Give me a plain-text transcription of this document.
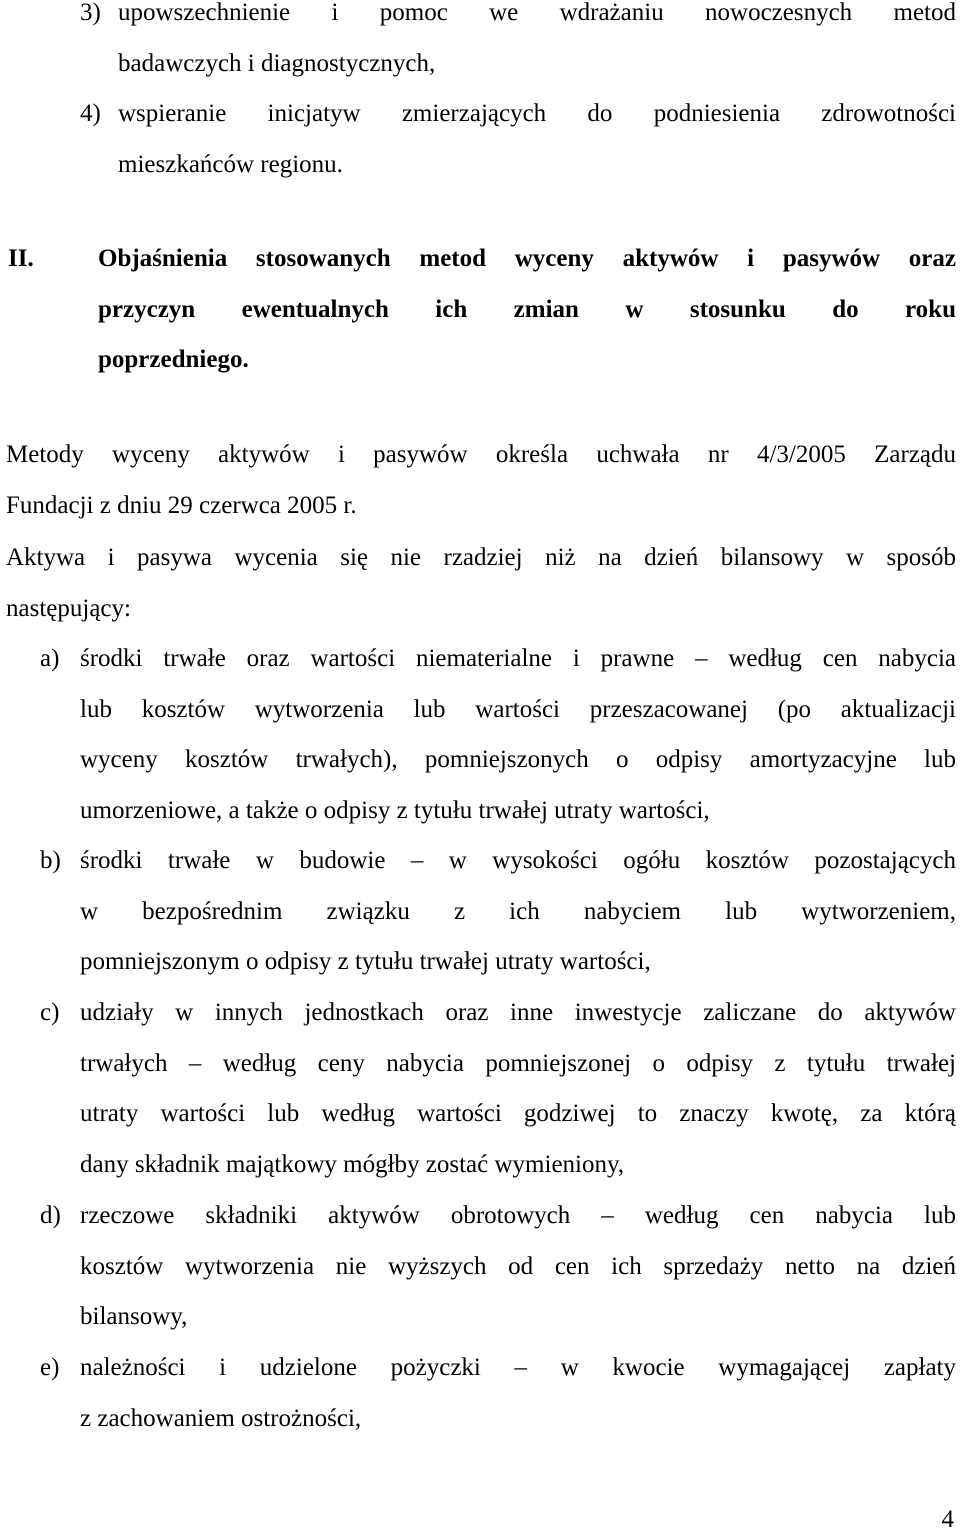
3) upowszechnienie i pomoc we wdrażaniu nowoczesnych metod
badawczych i diagnostycznych,
4) wspieranie inicjatyw zmierzających do podniesienia zdrowotności
mieszkańców regionu.
II.	Objaśnienia stosowanych metod wyceny aktywów i pasywów oraz
przyczyn ewentualnych ich zmian w stosunku do roku
poprzedniego.
Metody wyceny aktywów i pasywów określa uchwała nr 4/3/2005 Zarządu
Fundacji z dniu 29 czerwca 2005 r.
Aktywa i pasywa wycenia się nie rzadziej niż na dzień bilansowy w sposób
następujący:
a) środki trwałe oraz wartości niematerialne i prawne – według cen nabycia
lub kosztów wytworzenia lub wartości przeszacowanej (po aktualizacji
wyceny kosztów trwałych), pomniejszonych o odpisy amortyzacyjne lub
umorzeniowe, a także o odpisy z tytułu trwałej utraty wartości,
b) środki trwałe w budowie – w wysokości ogółu kosztów pozostających
w bezpośrednim związku z ich nabyciem lub wytworzeniem,
pomniejszonym o odpisy z tytułu trwałej utraty wartości,
c) udziały w innych jednostkach oraz inne inwestycje zaliczane do aktywów
trwałych – według ceny nabycia pomniejszonej o odpisy z tytułu trwałej
utraty wartości lub według wartości godziwej to znaczy kwotę, za którą
dany składnik majątkowy mógłby zostać wymieniony,
d) rzeczowe składniki aktywów obrotowych – według cen nabycia lub
kosztów wytworzenia nie wyższych od cen ich sprzedaży netto na dzień
bilansowy,
e) należności i udzielone pożyczki – w kwocie wymagającej zapłaty
z zachowaniem ostrożności,
4
